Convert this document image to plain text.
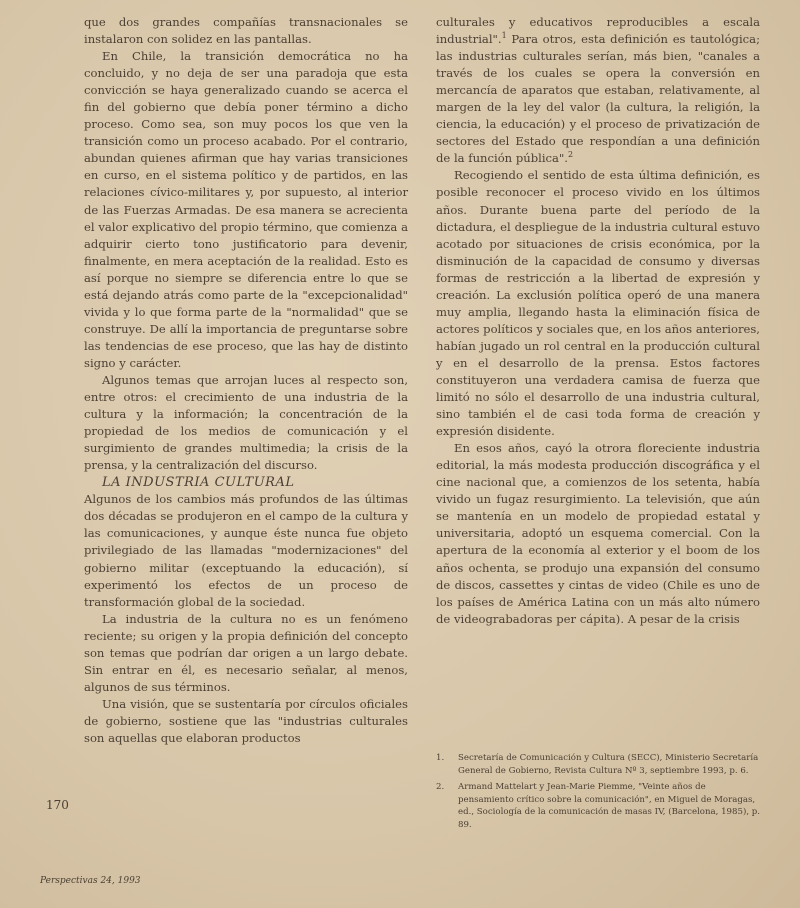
que dos grandes compañías transnacionales se instalaron con solidez en las pantallas.

En Chile, la transición democrática no ha concluido, y no deja de ser una paradoja que esta convicción se haya generalizado cuando se acerca el fin del gobierno que debía poner término a dicho proceso. Como sea, son muy pocos los que ven la transición como un proceso acabado. Por el contrario, abundan quienes afirman que hay varias transiciones en curso, en el sistema político y de partidos, en las relaciones cívico-militares y, por supuesto, al interior de las Fuerzas Armadas. De esa manera se acrecienta el valor explicativo del propio término, que comienza a adquirir cierto tono justificatorio para devenir, finalmente, en mera aceptación de la realidad. Esto es así porque no siempre se diferencia entre lo que se está dejando atrás como parte de la "excepcionalidad" vivida y lo que forma parte de la "normalidad" que se construye. De allí la importancia de preguntarse sobre las tendencias de ese proceso, que las hay de distinto signo y carácter.

Algunos temas que arrojan luces al respecto son, entre otros: el crecimiento de una industria de la cultura y la información; la concentración de la propiedad de los medios de comunicación y el surgimiento de grandes multimedia; la crisis de la prensa, y la centralización del discurso.

LA INDUSTRIA CULTURAL

Algunos de los cambios más profundos de las últimas dos décadas se produjeron en el campo de la cultura y las comunicaciones, y aunque éste nunca fue objeto privilegiado de las llamadas "modernizaciones" del gobierno militar (exceptuando la educación), sí experimentó los efectos de un proceso de transformación global de la sociedad.

La industria de la cultura no es un fenómeno reciente; su origen y la propia definición del concepto son temas que podrían dar origen a un largo debate. Sin entrar en él, es necesario señalar, al menos, algunos de sus términos.

Una visión, que se sustentaría por círculos oficiales de gobierno, sostiene que las "industrias culturales son aquellas que elaboran productos

culturales y educativos reproducibles a escala industrial".$^1$ Para otros, esta definición es tautológica; las industrias culturales serían, más bien, "canales a través de los cuales se opera la conversión en mercancía de aparatos que estaban, relativamente, al margen de la ley del valor (la cultura, la religión, la ciencia, la educación) y el proceso de privatización de sectores del Estado que respondían a una definición de la función pública".$^2$

Recogiendo el sentido de esta última definición, es posible reconocer el proceso vivido en los últimos años. Durante buena parte del período de la dictadura, el despliegue de la industria cultural estuvo acotado por situaciones de crisis económica, por la disminución de la capacidad de consumo y diversas formas de restricción a la libertad de expresión y creación. La exclusión política operó de una manera muy amplia, llegando hasta la eliminación física de actores políticos y sociales que, en los años anteriores, habían jugado un rol central en la producción cultural y en el desarrollo de la prensa. Estos factores constituyeron una verdadera camisa de fuerza que limitó no sólo el desarrollo de una industria cultural, sino también el de casi toda forma de creación y expresión disidente.

En esos años, cayó la otrora floreciente industria editorial, la más modesta producción discográfica y el cine nacional que, a comienzos de los setenta, había vivido un fugaz resurgimiento. La televisión, que aún se mantenía en un modelo de propiedad estatal y universitaria, adoptó un esquema comercial. Con la apertura de la economía al exterior y el boom de los años ochenta, se produjo una expansión del consumo de discos, cassettes y cintas de video (Chile es uno de los países de América Latina con un más alto número de videograbadoras per cápita). A pesar de la crisis

1.	Secretaría de Comunicación y Cultura (SECC), Ministerio Secretaría General de Gobierno, Revista Cultura Nº 3, septiembre 1993, p. 6.
2.	Armand Mattelart y Jean-Marie Piemme, "Veinte años de pensamiento crítico sobre la comunicación", en Miguel de Moragas, ed., Sociología de la comunicación de masas IV, (Barcelona, 1985), p. 89.
170
Perspectivas 24, 1993
